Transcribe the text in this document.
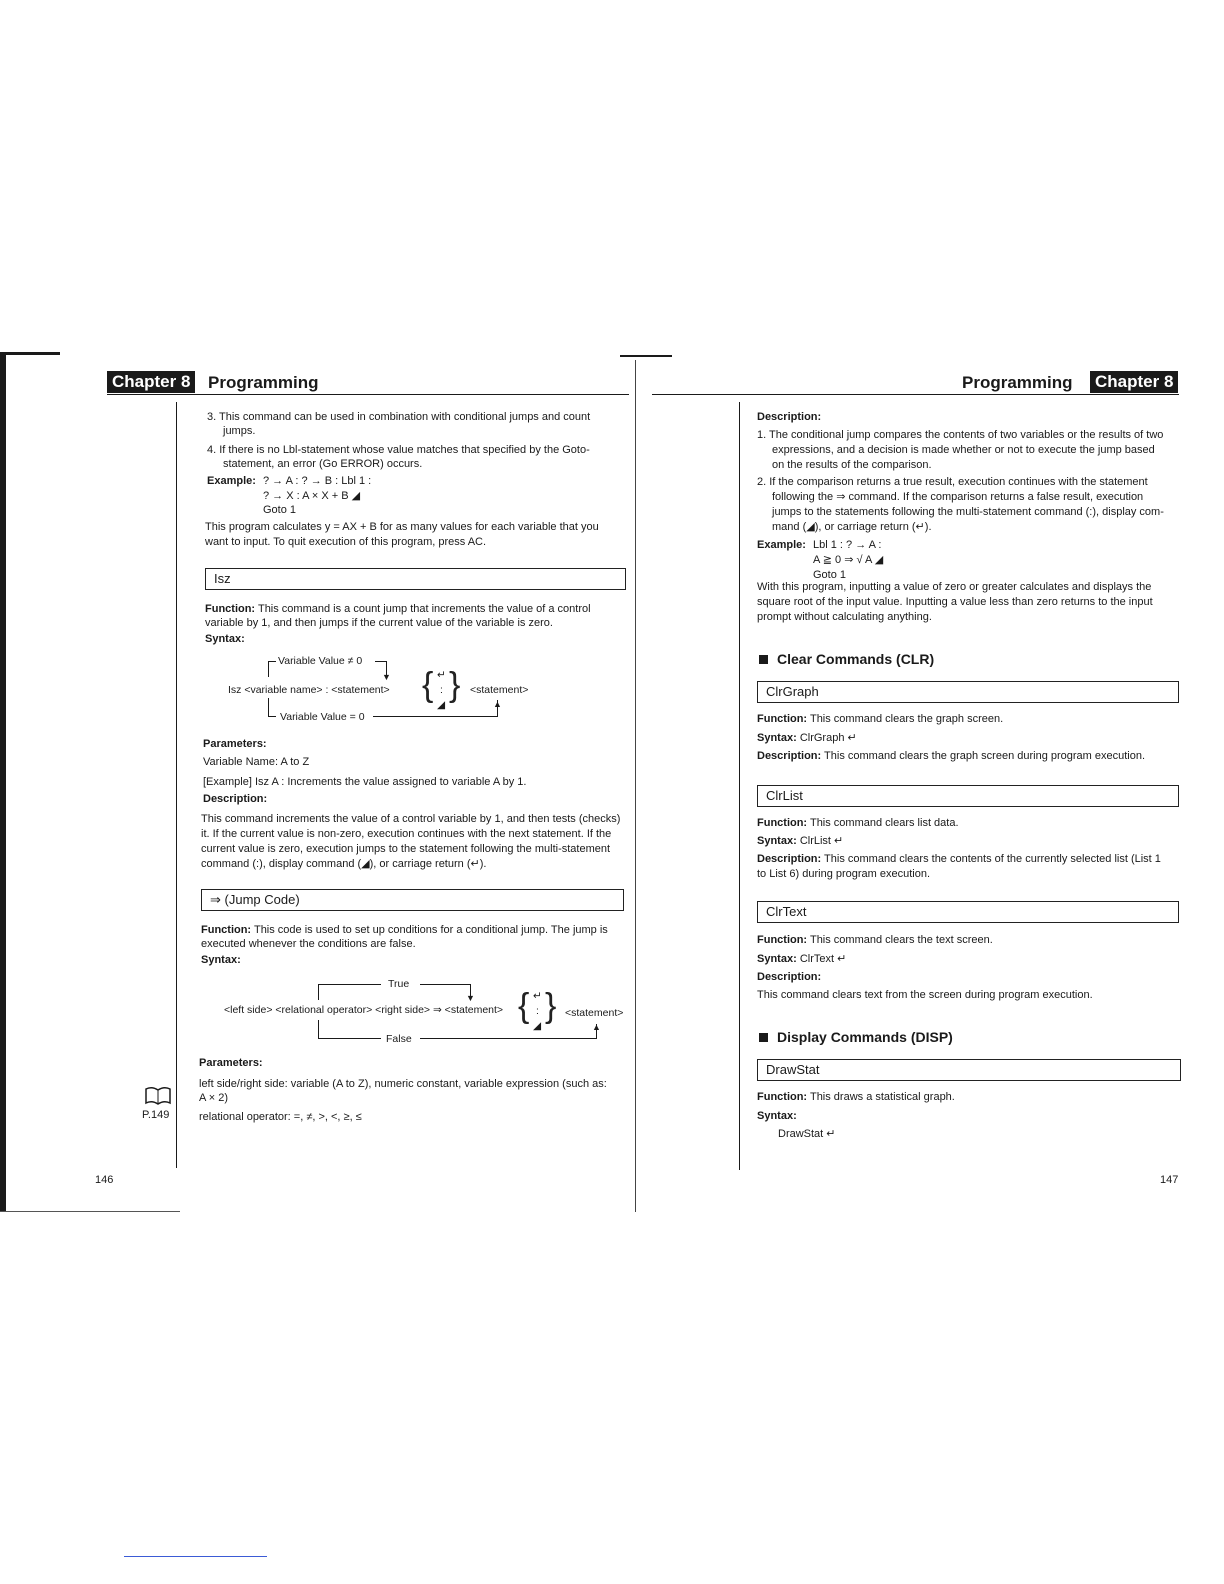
Chapter 8 Programming
3. This command can be used in combination with conditional jumps and count
jumps.
4. If there is no Lbl-statement whose value matches that specified by the Goto-
statement, an error (Go ERROR) occurs.
Example: ? → A : ? → B : Lbl 1 :
? → X : A × X + B ◢
Goto 1
This program calculates y = AX + B for as many values for each variable that you
want to input. To quit execution of this program, press AC.
Isz
Function: This command is a count jump that increments the value of a control
variable by 1, and then jumps if the current value of the variable is zero.
Syntax:
Variable Value ≠ 0
▼
Isz <variable name> : <statement> { ↵
:
◢
} <statement>
Variable Value = 0
▲
Parameters:
Variable Name: A to Z
[Example] Isz A : Increments the value assigned to variable A by 1.
Description:
This command increments the value of a control variable by 1, and then tests (checks)
it. If the current value is non-zero, execution continues with the next statement. If the
current value is zero, execution jumps to the statement following the multi-statement
command (:), display command (◢), or carriage return (↵).
⇒ (Jump Code)
Function: This code is used to set up conditions for a conditional jump. The jump is
executed whenever the conditions are false.
Syntax:
True
▼
<left side> <relational operator> <right side> ⇒ <statement> { ↵
:
◢
} <statement>
False
▲
Parameters:
left side/right side: variable (A to Z), numeric constant, variable expression (such as:
A × 2)
relational operator: =, ≠, >, <, ≥, ≤
P.149
146
Programming Chapter 8
Description:
1. The conditional jump compares the contents of two variables or the results of two
expressions, and a decision is made whether or not to execute the jump based
on the results of the comparison.
2. If the comparison returns a true result, execution continues with the statement
following the ⇒ command. If the comparison returns a false result, execution
jumps to the statements following the multi-statement command (:), display com-
mand (◢), or carriage return (↵).
Example: Lbl 1 : ? → A :
A ≧ 0 ⇒ √ A ◢
Goto 1
With this program, inputting a value of zero or greater calculates and displays the
square root of the input value. Inputting a value less than zero returns to the input
prompt without calculating anything.
Clear Commands (CLR)
ClrGraph
Function: This command clears the graph screen.
Syntax: ClrGraph ↵
Description: This command clears the graph screen during program execution.
ClrList
Function: This command clears list data.
Syntax: ClrList ↵
Description: This command clears the contents of the currently selected list (List 1
to List 6) during program execution.
ClrText
Function: This command clears the text screen.
Syntax: ClrText ↵
Description:
This command clears text from the screen during program execution.
Display Commands (DISP)
DrawStat
Function: This draws a statistical graph.
Syntax:
DrawStat ↵
147
